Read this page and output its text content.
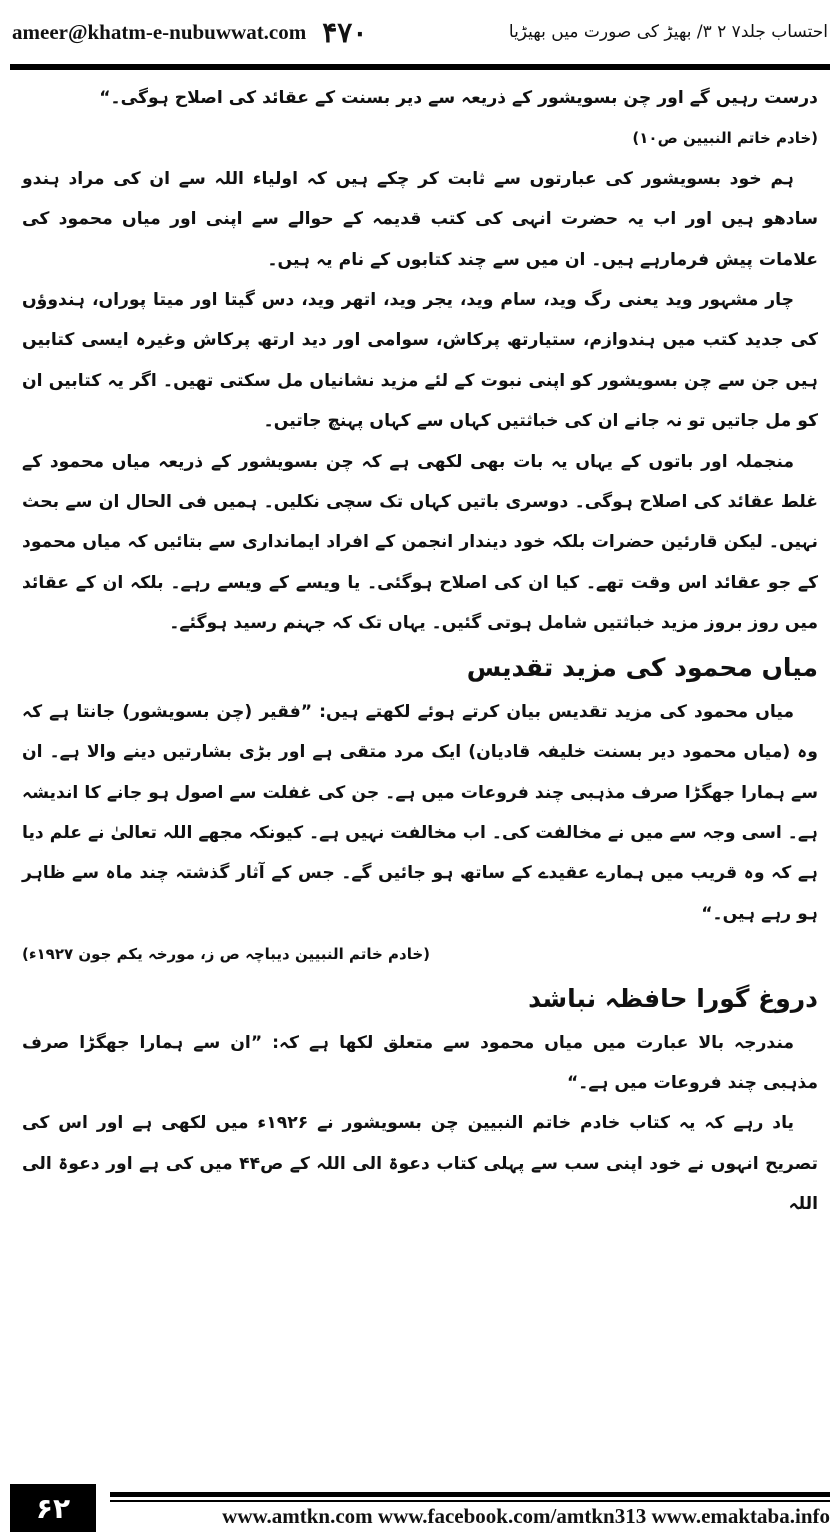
ameer@khatm-e-nubuwwat.com ۴۷۰	احتساب جلد۷ ۲ ۳/ بھیڑ کی صورت میں بھیڑیا

درست رہیں گے اور چن بسویشور کے ذریعہ سے دیر بسنت کے عقائد کی اصلاح ہوگی۔“

(خادم خاتم النبیین ص۱۰)

ہم خود بسویشور کی عبارتوں سے ثابت کر چکے ہیں کہ اولیاء اللہ سے ان کی مراد ہندو سادھو ہیں اور اب یہ حضرت انہی کی کتب قدیمہ کے حوالے سے اپنی اور میاں محمود کی علامات پیش فرمارہے ہیں۔ ان میں سے چند کتابوں کے نام یہ ہیں۔

چار مشہور وید یعنی رگ وید، سام وید، یجر وید، اتھر وید، دس گیتا اور میتا پوراں، ہندوؤں کی جدید کتب میں ہندوازم، ستیارتھ پرکاش، سوامی اور دید ارتھ پرکاش وغیرہ ایسی کتابیں ہیں جن سے چن بسویشور کو اپنی نبوت کے لئے مزید نشانیاں مل سکتی تھیں۔ اگر یہ کتابیں ان کو مل جاتیں تو نہ جانے ان کی خباثتیں کہاں سے کہاں پہنچ جاتیں۔

منجملہ اور باتوں کے یہاں یہ بات بھی لکھی ہے کہ چن بسویشور کے ذریعہ میاں محمود کے غلط عقائد کی اصلاح ہوگی۔ دوسری باتیں کہاں تک سچی نکلیں۔ ہمیں فی الحال ان سے بحث نہیں۔ لیکن قارئین حضرات بلکہ خود دیندار انجمن کے افراد ایمانداری سے بتائیں کہ میاں محمود کے جو عقائد اس وقت تھے۔ کیا ان کی اصلاح ہوگئی۔ یا ویسے کے ویسے رہے۔ بلکہ ان کے عقائد میں روز بروز مزید خباثتیں شامل ہوتی گئیں۔ یہاں تک کہ جہنم رسید ہوگئے۔

میاں محمود کی مزید تقدیس

میاں محمود کی مزید تقدیس بیان کرتے ہوئے لکھتے ہیں: ”فقیر (چن بسویشور) جانتا ہے کہ وہ (میاں محمود دیر بسنت خلیفہ قادیان) ایک مرد متقی ہے اور بڑی بشارتیں دینے والا ہے۔ ان سے ہمارا جھگڑا صرف مذہبی چند فروعات میں ہے۔ جن کی غفلت سے اصول ہو جانے کا اندیشہ ہے۔ اسی وجہ سے میں نے مخالفت کی۔ اب مخالفت نہیں ہے۔ کیونکہ مجھے اللہ تعالیٰ نے علم دیا ہے کہ وہ قریب میں ہمارے عقیدے کے ساتھ ہو جائیں گے۔ جس کے آثار گذشتہ چند ماہ سے ظاہر ہو رہے ہیں۔“

(خادم خاتم النبیین دیباچہ ص ز، مورخہ یکم جون ۱۹۲۷ء)

دروغ گورا حافظہ نباشد

مندرجہ بالا عبارت میں میاں محمود سے متعلق لکھا ہے کہ: ”ان سے ہمارا جھگڑا صرف مذہبی چند فروعات میں ہے۔“

یاد رہے کہ یہ کتاب خادم خاتم النبیین چن بسویشور نے ۱۹۲۶ء میں لکھی ہے اور اس کی تصریح انہوں نے خود اپنی سب سے پہلی کتاب دعوۃ الی اللہ کے ص۴۴ میں کی ہے اور دعوۃ الی اللہ

۶۲	www.amtkn.com www.facebook.com/amtkn313 www.emaktaba.info
